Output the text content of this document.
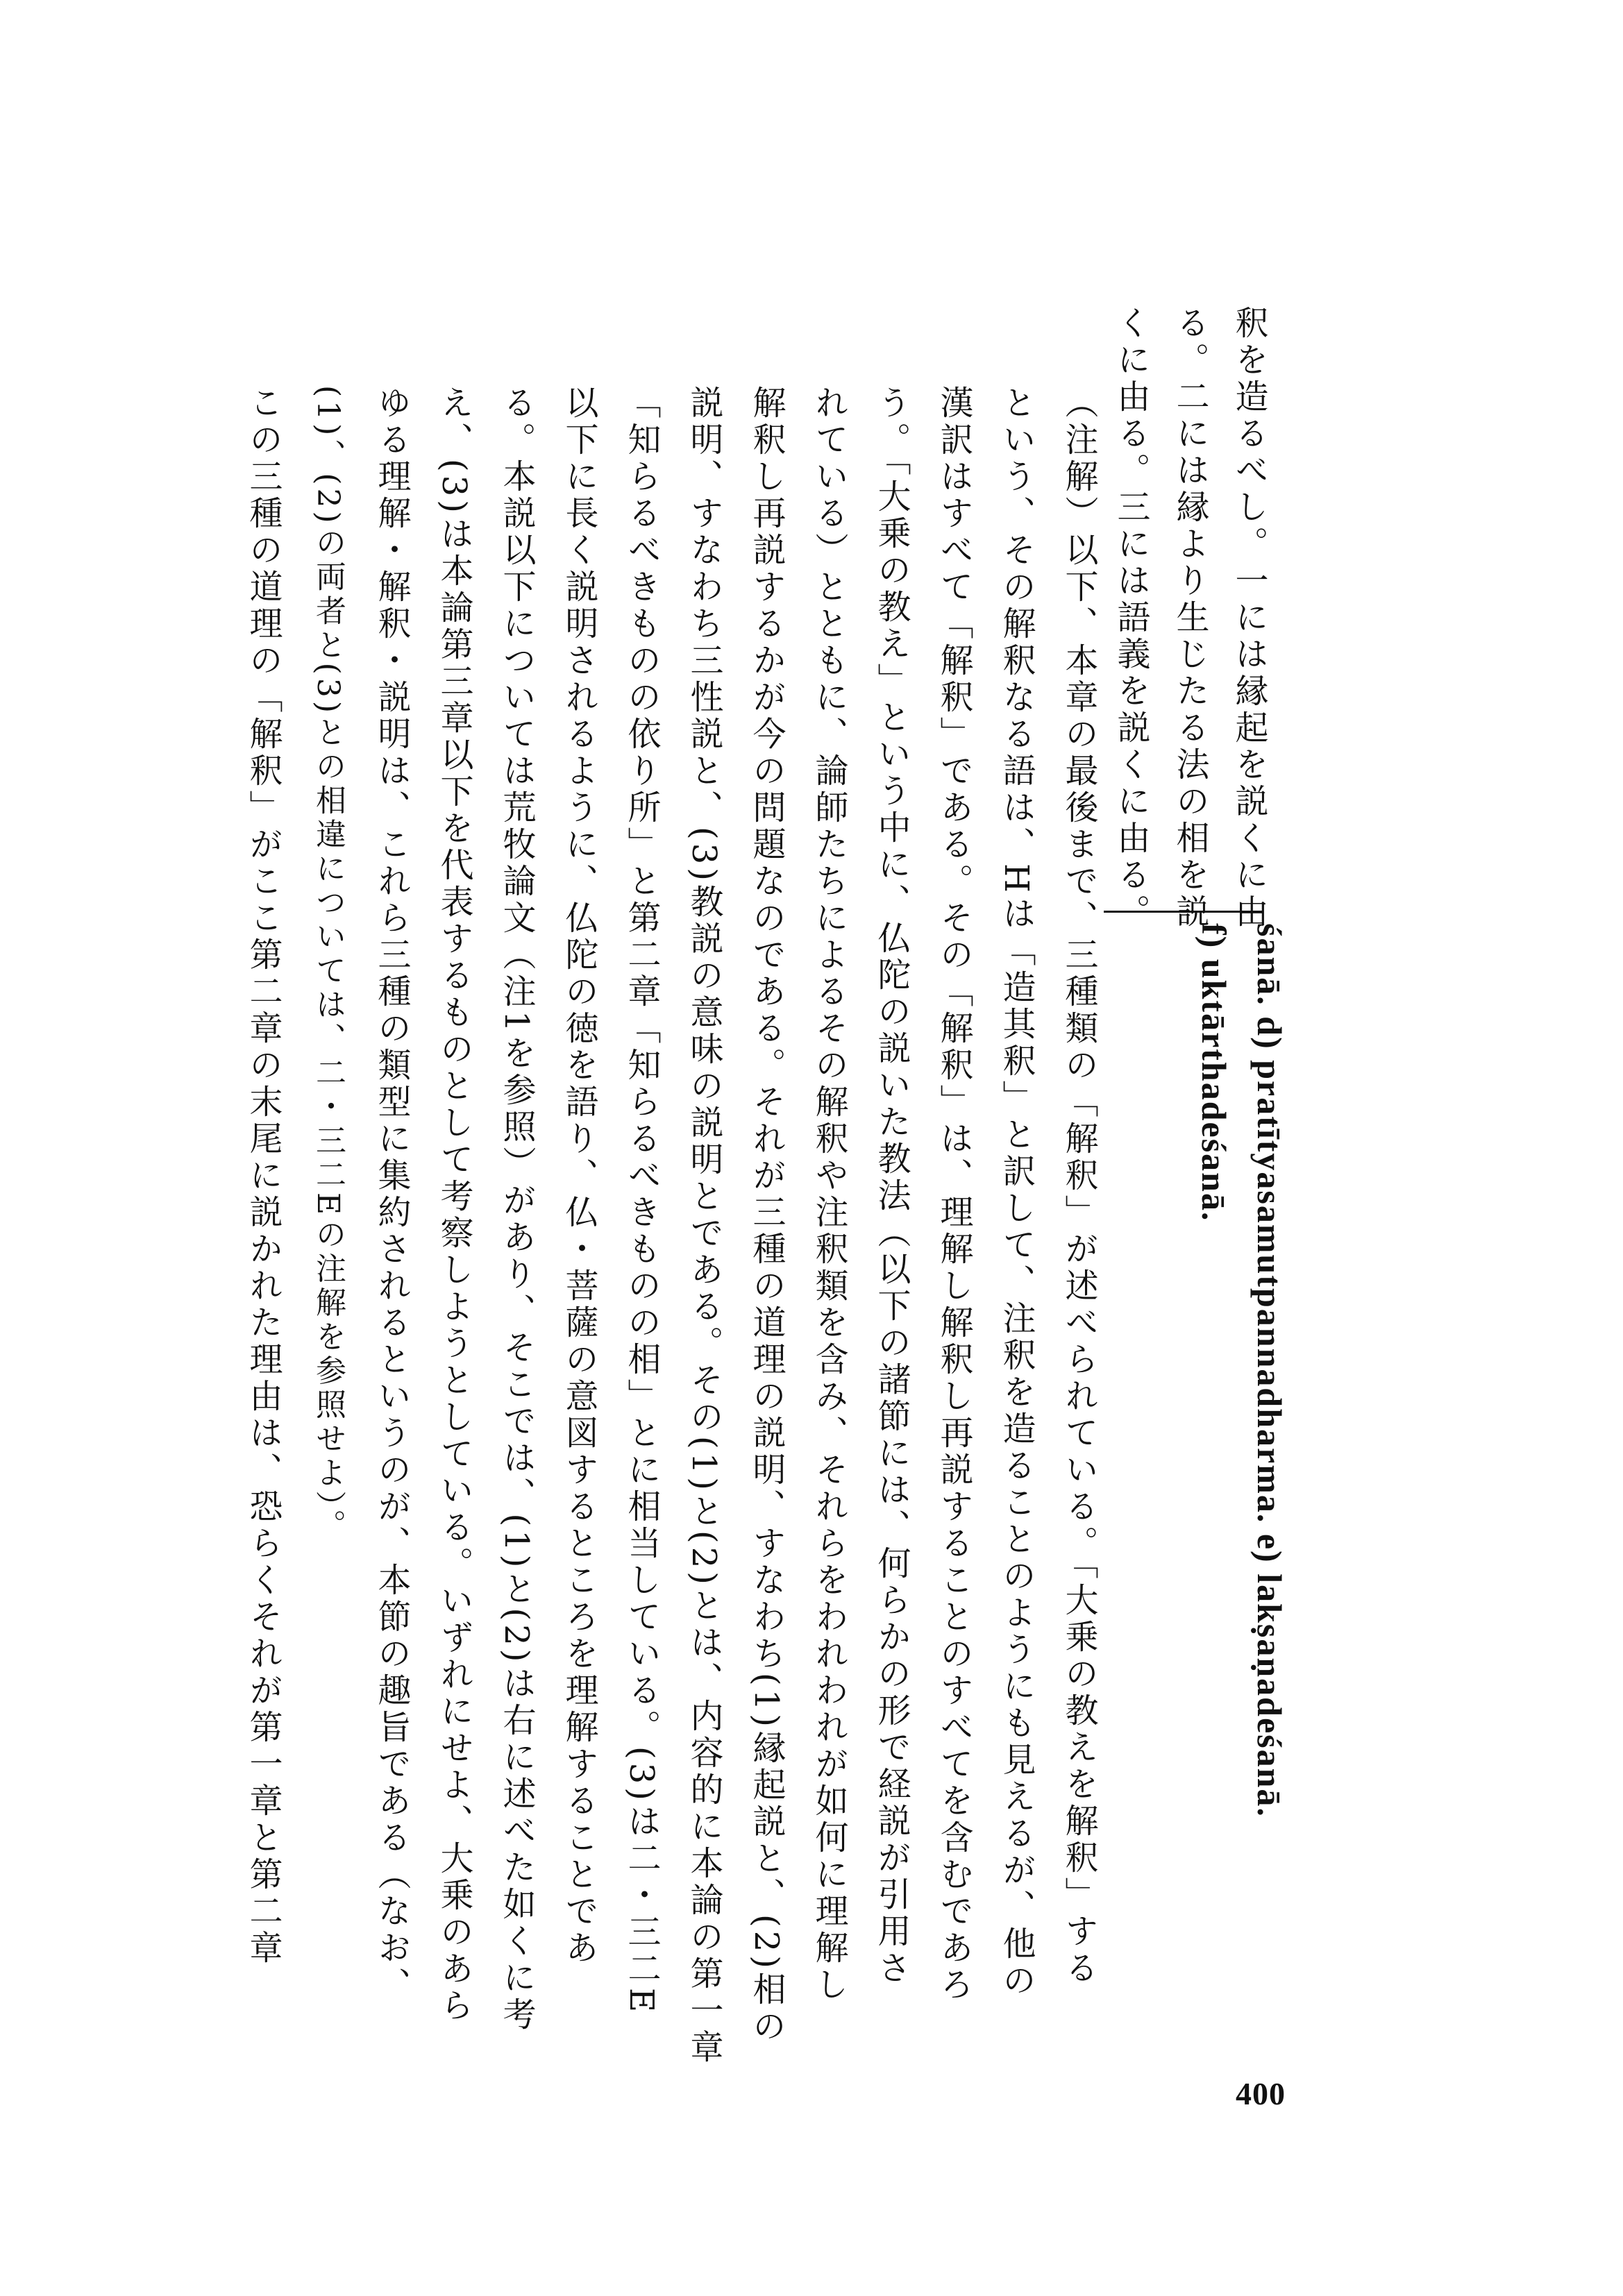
釈を造るべし。一には縁起を説くに由
る。二には縁より生じたる法の相を説
くに由る。三には語義を説くに由る。
śanā. d) pratītyasamutpannadharma. e) lakṣaṇadeśanā.
f) uktārthadeśanā.
（注解）以下、本章の最後まで、三種類の「解釈」が述べられている。「大乗の教えを解釈」する
という、その解釈なる語は、Hは「造其釈」と訳して、注釈を造ることのようにも見えるが、他の
漢訳はすべて「解釈」である。その「解釈」は、理解し解釈し再説することのすべてを含むであろ
う。「大乗の教え」という中に、仏陀の説いた教法（以下の諸節には、何らかの形で経説が引用さ
れている）とともに、論師たちによるその解釈や注釈類を含み、それらをわれわれが如何に理解し
解釈し再説するかが今の問題なのである。それが三種の道理の説明、すなわち(1)縁起説と、(2)相の
説明、すなわち三性説と、(3)教説の意味の説明とである。その(1)と(2)とは、内容的に本論の第一章
「知らるべきものの依り所」と第二章「知らるべきものの相」とに相当している。(3)は二・三二E
以下に長く説明されるように、仏陀の徳を語り、仏・菩薩の意図するところを理解することであ
る。本説以下については荒牧論文（注1を参照）があり、そこでは、(1)と(2)は右に述べた如くに考
え、(3)は本論第三章以下を代表するものとして考察しようとしている。いずれにせよ、大乗のあら
ゆる理解・解釈・説明は、これら三種の類型に集約されるというのが、本節の趣旨である（なお、
(1)、(2)の両者と(3)との相違については、二・三二Eの注解を参照せよ）。
この三種の道理の「解釈」がここ第二章の末尾に説かれた理由は、恐らくそれが第一章と第二章
400
